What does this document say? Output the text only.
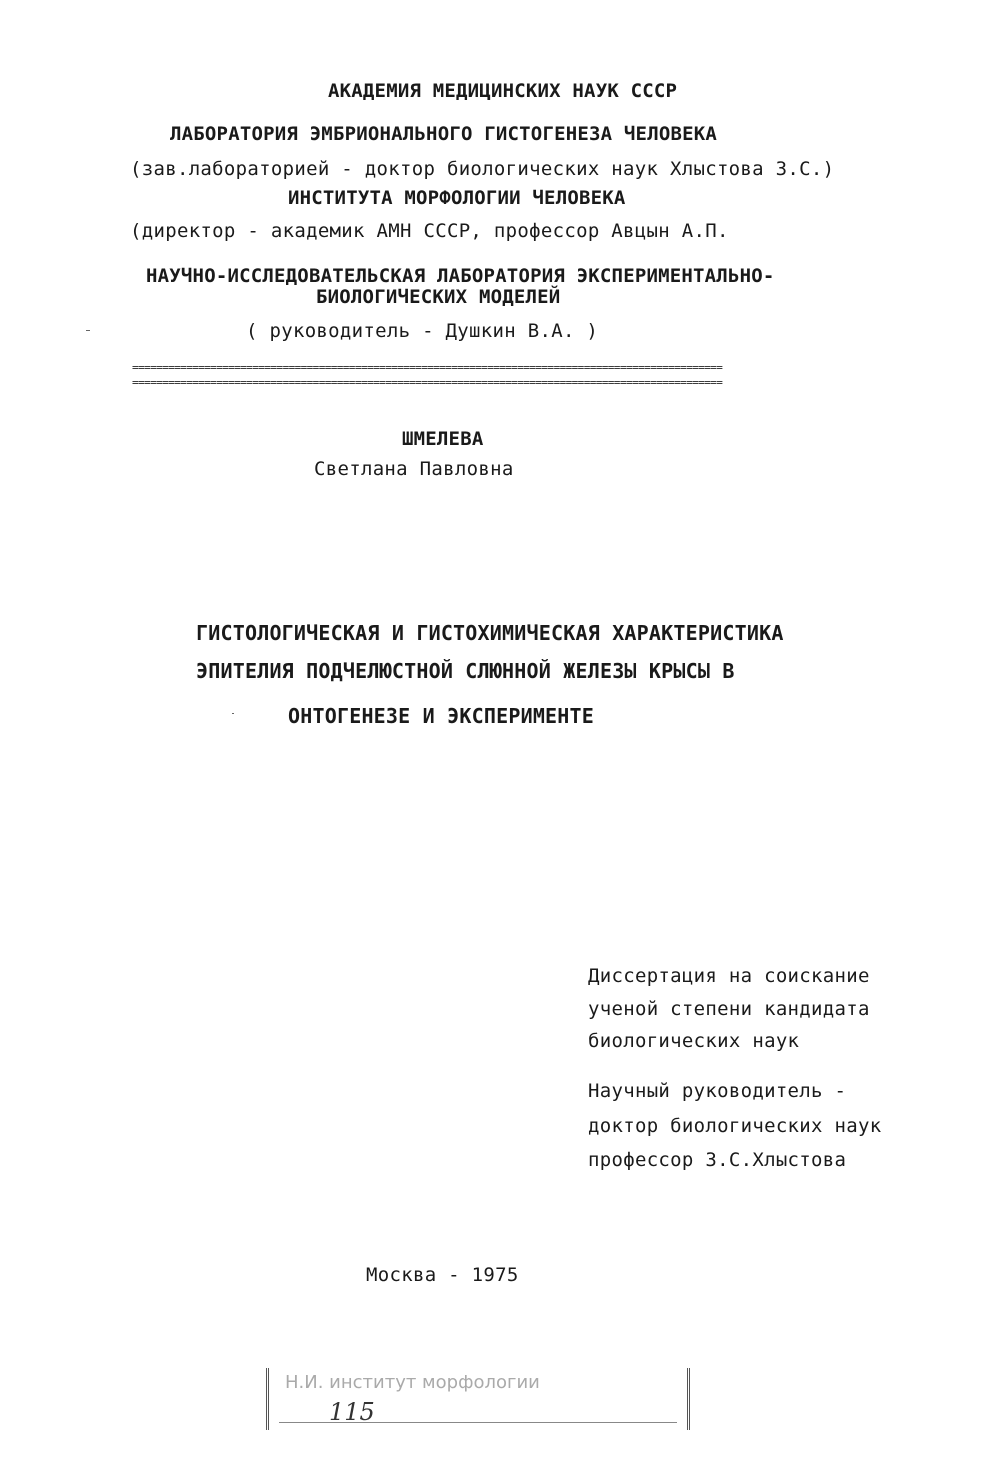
АКАДЕМИЯ МЕДИЦИНСКИХ НАУК СССР
ЛАБОРАТОРИЯ ЭМБРИОНАЛЬНОГО ГИСТОГЕНЕЗА ЧЕЛОВЕКА
(зав.лабораторией - доктор биологических наук Хлыстова З.С.)
ИНСТИТУТА МОРФОЛОГИИ ЧЕЛОВЕКА
(директор - академик АМН СССР, профессор Авцын А.П.
НАУЧНО-ИССЛЕДОВАТЕЛЬСКАЯ ЛАБОРАТОРИЯ ЭКСПЕРИМЕНТАЛЬНО-
БИОЛОГИЧЕСКИХ МОДЕЛЕЙ
( руководитель - Душкин В.А. )

==================================================================================================

==================================================================================================
ШМЕЛЕВА
Светлана Павловна
ГИСТОЛОГИЧЕСКАЯ И ГИСТОХИМИЧЕСКАЯ ХАРАКТЕРИСТИКА
ЭПИТЕЛИЯ ПОДЧЕЛЮСТНОЙ СЛЮННОЙ ЖЕЛЕЗЫ КРЫСЫ В
ОНТОГЕНЕЗЕ И ЭКСПЕРИМЕНТЕ
Диссертация на соискание
ученой степени кандидата
биологических наук
Научный руководитель -
доктор биологических наук
профессор З.С.Хлыстова
Москва - 1975
Н.И. институт морфологии
115
